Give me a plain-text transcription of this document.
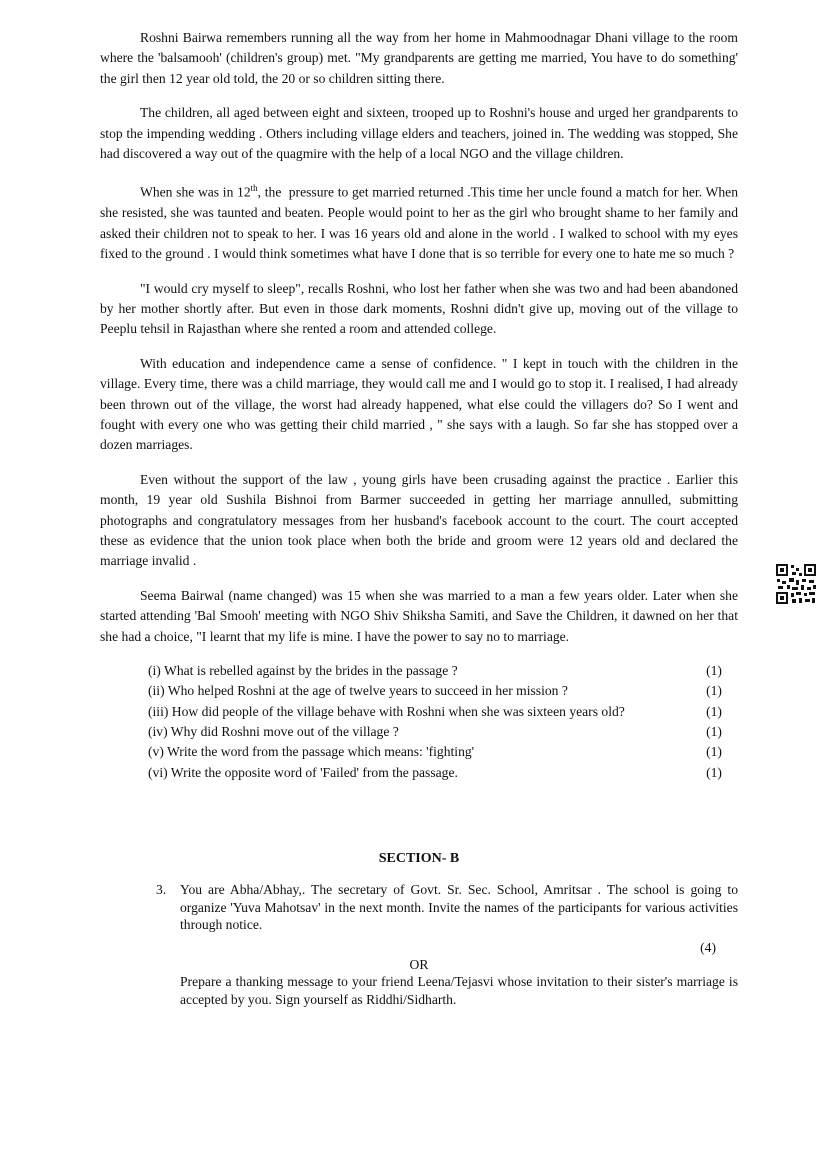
Roshni Bairwa remembers running all the way from her home in Mahmoodnagar Dhani village to the room where the 'balsamooh' (children's group) met. "My grandparents are getting me married, You have to do something' the girl then 12 year old told, the 20 or so children sitting there.

The children, all aged between eight and sixteen, trooped up to Roshni's house and urged her grandparents to stop the impending wedding . Others including village elders and teachers, joined in. The wedding was stopped, She had discovered a way out of the quagmire with the help of a local NGO and the village children.

When she was in 12th, the  pressure to get married returned .This time her uncle found a match for her. When she resisted, she was taunted and beaten. People would point to her as the girl who brought shame to her family and asked their children not to speak to her. I was 16 years old and alone in the world . I walked to school with my eyes fixed to the ground . I would think sometimes what have I done that is so terrible for every one to hate me so much ?

"I would cry myself to sleep", recalls Roshni, who lost her father when she was two and had been abandoned by her mother shortly after. But even in those dark moments, Roshni didn't give up, moving out of the village to Peeplu tehsil in Rajasthan where she rented a room and attended college.

With education and independence came a sense of confidence. " I kept in touch with the children in the village. Every time, there was a child marriage, they would call me and I would go to stop it. I realised, I had already been thrown out of the village, the worst had already happened, what else could the villagers do? So I went and fought with every one who was getting their child married , " she says with a laugh. So far she has stopped over a dozen marriages.

Even without the support of the law , young girls have been crusading against the practice . Earlier this month, 19 year old Sushila Bishnoi from Barmer succeeded in getting her marriage annulled, submitting photographs and congratulatory messages from her husband's facebook account to the court. The court accepted these as evidence that the union took place when both the bride and groom were 12 years old and declared the marriage invalid .

Seema Bairwal (name changed) was 15 when she was married to a man a few years older. Later when she started attending 'Bal Smooh' meeting with NGO Shiv Shiksha Samiti, and Save the Children, it dawned on her that she had a choice, "I learnt that my life is mine. I have the power to say no to marriage.

(i) What is rebelled against by the brides in the passage ?	(1)
(ii) Who helped Roshni at the age of twelve years to succeed in her mission ?	(1)
(iii) How did people of the village behave with Roshni when she was sixteen years old?	(1)
(iv) Why did Roshni move out of the village ?	(1)
(v) Write the word from the passage which means: 'fighting'	(1)
(vi) Write the opposite word of 'Failed' from the passage.	(1)
SECTION- B
3.	You are Abha/Abhay,. The secretary of Govt. Sr. Sec. School, Amritsar . The school is going to organize 'Yuva Mahotsav' in the next month. Invite the names of the participants for various activities through notice.

(4)
OR

Prepare a thanking message to your friend Leena/Tejasvi whose invitation to their sister's marriage is accepted by you. Sign yourself as Riddhi/Sidharth.
